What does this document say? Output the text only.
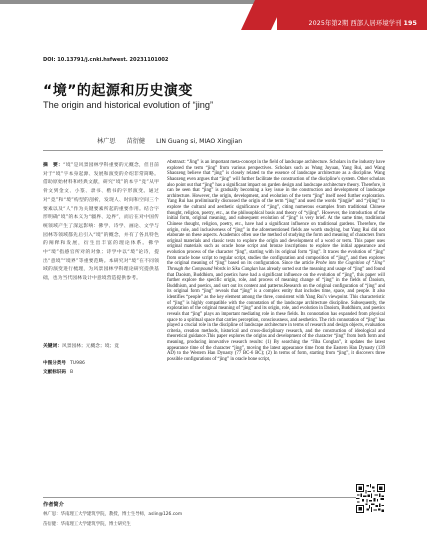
2025年第2期 西部人居环境学刊 195
DOI: 10.13791/j.cnki.hsfwest. 20231101002
“境”的起源和历史演变
The origin and historical evolution of “jing”
林广思 苗衍健 LIN Guang si, MIAO Xingjian
摘　要：“境”是风景园林学科重要的元概念，但目前对于“境”字本身起源、发展和演变的介绍非常简略。借助原始材料和经典文献，研究“境”的本字“竟”从甲骨文到金文、小篆、隶书、楷书的字形演变。通过对“竟”和“境”构型的剖析，发现人、时间和空间三个要素以及“人”作为关键要素所起的重要作用。结合字形明确“境”的本义为“疆界、边界”，而后在对中国传统领域产生了深远影响：佛学、诗学、画论、文学与园林等领域都先后引入“境”的概念，并有了各具特色的阐释和发展，衍生出丰富的理论体系。佛学中“境”指感官所对的对象；诗学中以“境”论诗，提出“意境”“境界”等重要范畴。本研究对“境”在不同领域的演变进行梳理，为风景园林学科理论研究提供基础，也为当代园林设计中意境营造提供参考。
关键词：风景园林；元概念；境；竟
中图分类号 TU986
文献标识码 B
Abstract: “Jing” is an important meta-concept in the field of landscape architecture. Scholars in the industry have explored the term “jing” from various perspectives. Scholars such as Wang Juyuan, Yang Rui, and Wang Shaozeng believe that “jing” is closely related to the essence of landscape architecture as a discipline. Wang Shaozeng even argues that “jing” will further facilitate the construction of the discipline’s system. Other scholars also point out that “jing” has a significant impact on garden design and landscape architecture theory. Therefore, it can be seen that “jing” is gradually becoming a key issue in the construction and development of landscape architecture. However, the origin, development, and evolution of the term “jing” itself need further exploration. Yang Rui has preliminarily discussed the origin of the term “jing” and used the words “jingjie” and “yijing” to explore the cultural and aesthetic significance of “jing”, citing numerous examples from traditional Chinese thought, religion, poetry, etc., as the philosophical basis and theory of “yijing”. However, the introduction of the initial form, original meaning, and subsequent evolution of “jing” is very brief. At the same time, traditional Chinese thought, religion, poetry, etc., have had a significant influence on traditional gardens. Therefore, the origin, role, and inclusiveness of “jing” in the aforementioned fields are worth studying, but Yang Rui did not elaborate on these aspects. Academics often use the method of studying the form and meaning of characters from original materials and classic texts to explore the origin and development of a word or term. This paper uses original materials such as oracle bone script and bronze inscriptions to explore the initial appearance and evolution process of the character “jing”, starting with its original form “jing”. It traces the evolution of “jing” from oracle bone script to regular script, studies the configuration and composition of “jing”, and then explores the original meaning of “jing” based on its configuration. Since the article Probe into the Cognition of “Jing” Through the Compound Words in Siku Canglan has already sorted out the meaning and usage of “jing” and found that Daoism, Buddhism, and poetics have had a significant influence on the evolution of “jing”, this paper will further explore the specific origin, role, and process of meaning change of “jing” in the fields of Daoism, Buddhism, and poetics, and sort out its content and patterns.Research on the original configuration of “jing” and its original form “jing” reveals that “jing” is a complex entity that includes time, space, and people. It also identifies “people” as the key element among the three, consistent with Yang Rui’s viewpoint. This characteristic of “jing” is highly compatible with the connotation of the landscape architecture discipline. Subsequently, the exploration of the original meaning of “jing” and its origin, role, and evolution in Daoism, Buddhism, and poetics reveals that “jing” plays an important mediating role in these fields. Its connotation has expanded from physical space to a spiritual space that carries perception, consciousness, and aesthetics. The rich connotation of “jing” has played a crucial role in the discipline of landscape architecture in terms of research and design objects, evaluation criteria, creation methods, historical and cross-disciplinary research, and the construction of ideological and theoretical guidance.This paper explores the origins and development of the character “jing” from both form and meaning, producing innovative research results: (1) By searching the “Jiba Conglan”, it updates the latest appearance time of the character “jing”, moving the latest appearance time from the Eastern Han Dynasty (139 AD) to the Western Han Dynasty (77 BC-6 BC); (2) In terms of form, starting from “jing”, it discovers three possible configurations of “jing” in oracle bone script,
作者简介
林广思：华南理工大学建筑学院，教授，博士生导师，aslin@126.com
苗衍健：华南理工大学建筑学院，博士研究生
